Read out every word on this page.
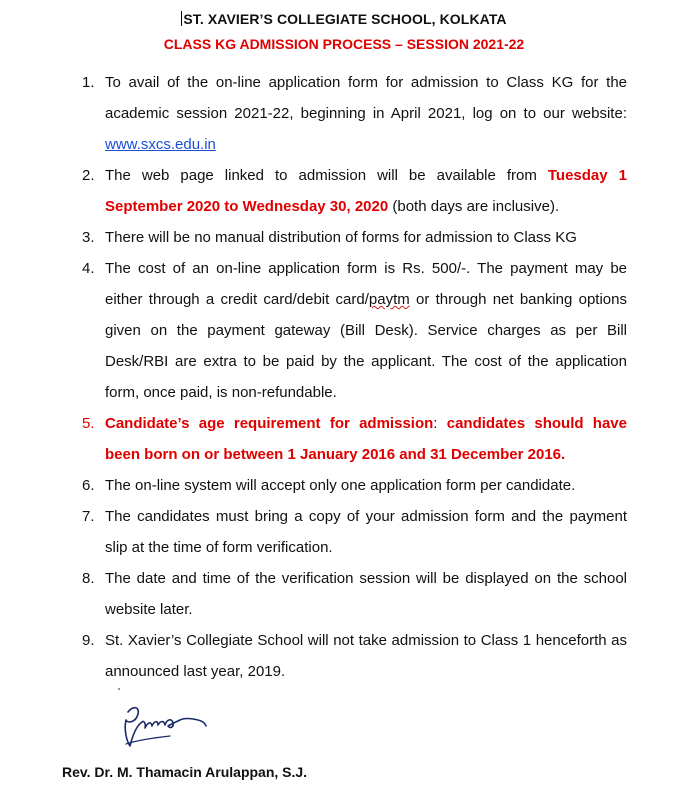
ST. XAVIER’S COLLEGIATE SCHOOL, KOLKATA
CLASS KG ADMISSION PROCESS – SESSION 2021-22
1. To avail of the on-line application form for admission to Class KG for the academic session 2021-22, beginning in April 2021, log on to our website: www.sxcs.edu.in
2. The web page linked to admission will be available from Tuesday 1 September 2020 to Wednesday 30, 2020 (both days are inclusive).
3. There will be no manual distribution of forms for admission to Class KG
4. The cost of an on-line application form is Rs. 500/-. The payment may be either through a credit card/debit card/paytm or through net banking options given on the payment gateway (Bill Desk). Service charges as per Bill Desk/RBI are extra to be paid by the applicant. The cost of the application form, once paid, is non-refundable.
5. Candidate’s age requirement for admission: candidates should have been born on or between 1 January 2016 and 31 December 2016.
6. The on-line system will accept only one application form per candidate.
7. The candidates must bring a copy of your admission form and the payment slip at the time of form verification.
8. The date and time of the verification session will be displayed on the school website later.
9. St. Xavier’s Collegiate School will not take admission to Class 1 henceforth as announced last year, 2019.
Rev. Dr. M. Thamacin Arulappan, S.J.
